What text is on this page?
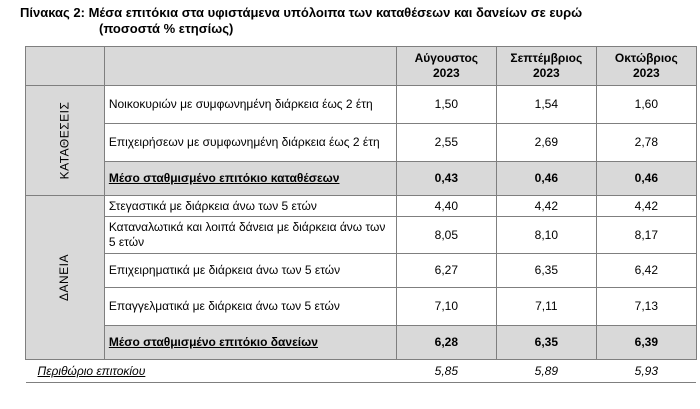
Πίνακας 2: Μέσα επιτόκια στα υφιστάμενα υπόλοιπα των καταθέσεων και δανείων σε ευρώ
(ποσοστά % ετησίως)
		Αύγουστος 2023	Σεπτέμβριος 2023	Οκτώβριος 2023
ΚΑΤΑΘΕΣΕΙΣ	Νοικοκυριών με συμφωνημένη διάρκεια έως 2 έτη	1,50	1,54	1,60
	Επιχειρήσεων με συμφωνημένη διάρκεια έως 2 έτη	2,55	2,69	2,78
	Μέσο σταθμισμένο επιτόκιο καταθέσεων	0,43	0,46	0,46
ΔΑΝΕΙΑ	Στεγαστικά με διάρκεια άνω των 5 ετών	4,40	4,42	4,42
	Καταναλωτικά και λοιπά δάνεια με διάρκεια άνω των 5 ετών	8,05	8,10	8,17
	Επιχειρηματικά με διάρκεια άνω των 5 ετών	6,27	6,35	6,42
	Επαγγελματικά με διάρκεια άνω των 5 ετών	7,10	7,11	7,13
	Μέσο σταθμισμένο επιτόκιο δανείων	6,28	6,35	6,39
Περιθώριο επιτοκίου		5,85	5,89	5,93
